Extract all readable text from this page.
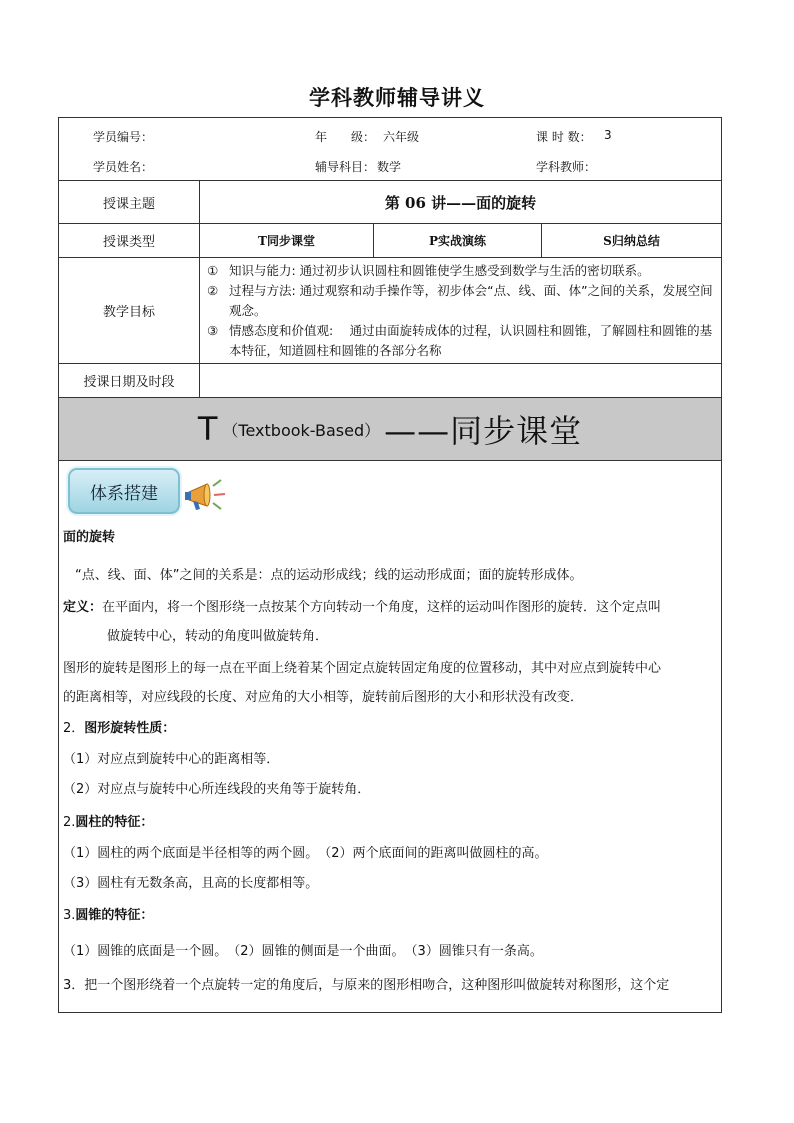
学科教师辅导讲义
学员编号：	年　　级： 六年级	课 时 数： 3
学员姓名：	辅导科目： 数学	学科教师：
授课主题	第 06 讲——面的旋转
授课类型	T同步课堂	P实战演练	S归纳总结
教学目标
① 知识与能力: 通过初步认识圆柱和圆锥使学生感受到数学与生活的密切联系。
② 过程与方法: 通过观察和动手操作等，初步体会“点、线、面、体”之间的关系，发展空间观念。
③ 情感态度和价值观:　 通过由面旋转成体的过程，认识圆柱和圆锥，了解圆柱和圆锥的基本特征，知道圆柱和圆锥的各部分名称
授课日期及时段
T （Textbook-Based） ——同步课堂
体系搭建
面的旋转
“点、线、面、体”之间的关系是：点的运动形成线；线的运动形成面；面的旋转形成体。
定义：在平面内，将一个图形绕一点按某个方向转动一个角度，这样的运动叫作图形的旋转．这个定点叫
做旋转中心，转动的角度叫做旋转角．
图形的旋转是图形上的每一点在平面上绕着某个固定点旋转固定角度的位置移动，其中对应点到旋转中心
的距离相等，对应线段的长度、对应角的大小相等，旋转前后图形的大小和形状没有改变．
2．图形旋转性质：
（1）对应点到旋转中心的距离相等．
（2）对应点与旋转中心所连线段的夹角等于旋转角．
2.圆柱的特征：
（1）圆柱的两个底面是半径相等的两个圆。　（2）两个底面间的距离叫做圆柱的高。
（3）圆柱有无数条高，且高的长度都相等。
3.圆锥的特征：
（1）圆锥的底面是一个圆。　（2）圆锥的侧面是一个曲面。　（3）圆锥只有一条高。
3．把一个图形绕着一个点旋转一定的角度后，与原来的图形相吻合，这种图形叫做旋转对称图形，这个定
